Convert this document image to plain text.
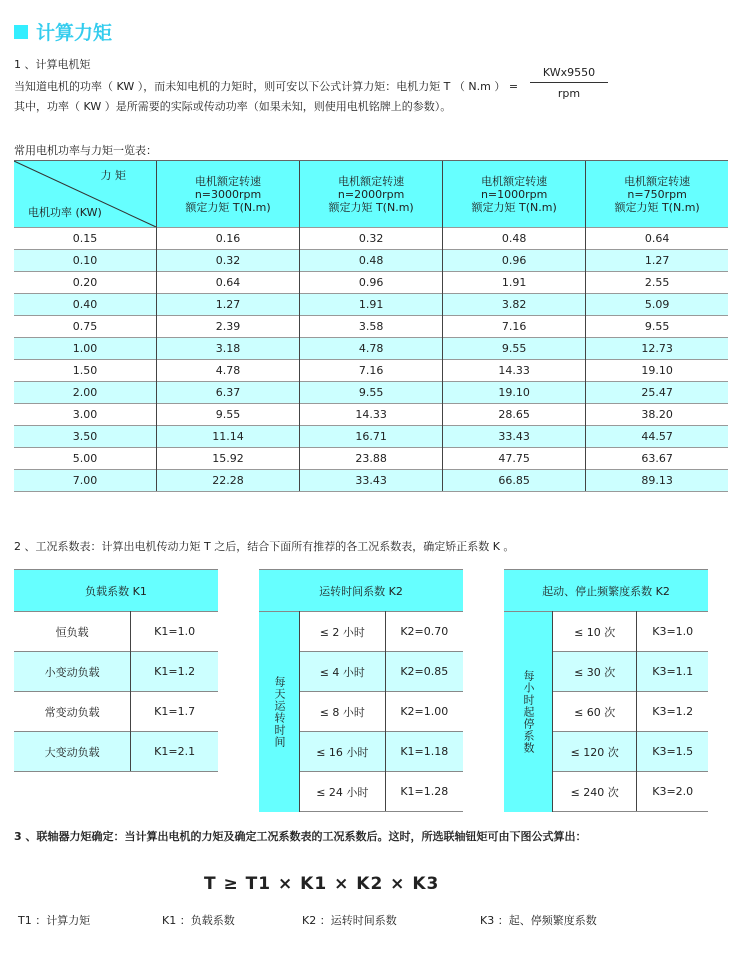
计算力矩
1 、计算电机矩
当知道电机的功率（ KW ），而未知电机的力矩时，则可安以下公式计算力矩：电机力矩 T （ N.m ） =
KWx9550
rpm
其中，功率（ KW ）是所需要的实际或传动功率（如果未知，则使用电机铭牌上的参数）。
常用电机功率与力矩一览表：
力 矩
电机功率 (KW)	电机额定转速
n=3000rpm
额定力矩 T(N.m)	电机额定转速
n=2000rpm
额定力矩 T(N.m)	电机额定转速
n=1000rpm
额定力矩 T(N.m)	电机额定转速
n=750rpm
额定力矩 T(N.m)
0.15	0.16	0.32	0.48	0.64
0.10	0.32	0.48	0.96	1.27
0.20	0.64	0.96	1.91	2.55
0.40	1.27	1.91	3.82	5.09
0.75	2.39	3.58	7.16	9.55
1.00	3.18	4.78	9.55	12.73
1.50	4.78	7.16	14.33	19.10
2.00	6.37	9.55	19.10	25.47
3.00	9.55	14.33	28.65	38.20
3.50	11.14	16.71	33.43	44.57
5.00	15.92	23.88	47.75	63.67
7.00	22.28	33.43	66.85	89.13
2 、工况系数表：计算出电机传动力矩 T 之后，结合下面所有推荐的各工况系数表，确定矫正系数 K 。
负载系数 K1	
恒负载	K1=1.0
小变动负载	K1=1.2
常变动负载	K1=1.7
大变动负载	K1=2.1
运转时间系数 K2		
每天运转时间	≤ 2 小时	K2=0.70
	≤ 4 小时	K2=0.85
	≤ 8 小时	K2=1.00
	≤ 16 小时	K1=1.18
	≤ 24 小时	K1=1.28
起动、停止频繁度系数 K2		
每小时起停系数	≤ 10 次	K3=1.0
	≤ 30 次	K3=1.1
	≤ 60 次	K3=1.2
	≤ 120 次	K3=1.5
	≤ 240 次	K3=2.0
3 、联轴器力矩确定：当计算出电机的力矩及确定工况系数表的工况系数后。这时，所选联轴钮矩可由下图公式算出：
T ≥ T1 × K1 × K2 × K3
T1 ：计算力矩	K1 ：负载系数	K2 ：运转时间系数	K3 ：起、停频繁度系数
